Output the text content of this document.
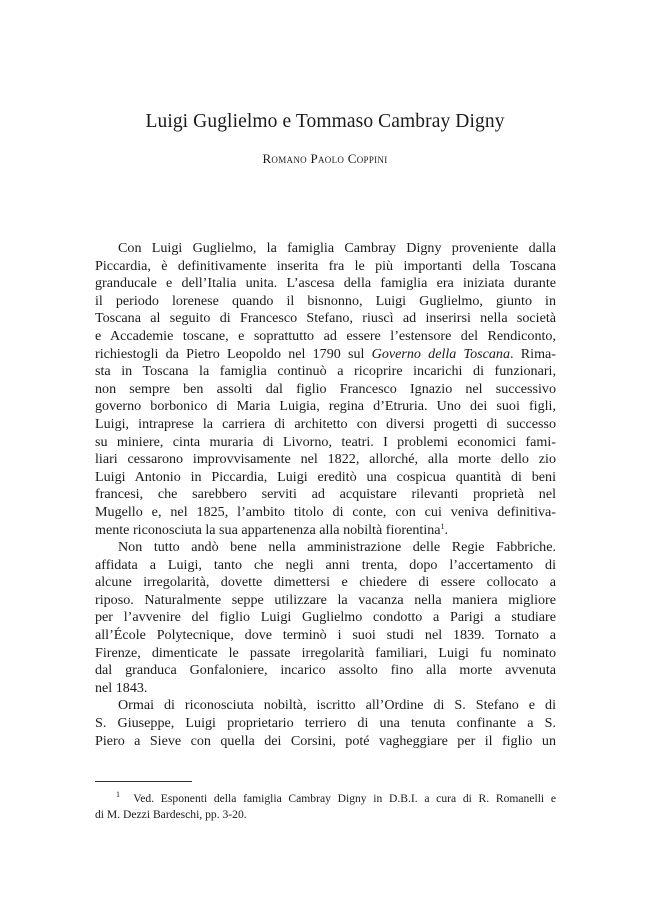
Luigi Guglielmo e Tommaso Cambray Digny
Romano Paolo Coppini
Con Luigi Guglielmo, la famiglia Cambray Digny proveniente dalla
Piccardia, è definitivamente inserita fra le più importanti della Toscana
granducale e dell’Italia unita. L’ascesa della famiglia era iniziata durante
il periodo lorenese quando il bisnonno, Luigi Guglielmo, giunto in
Toscana al seguito di Francesco Stefano, riuscì ad inserirsi nella società
e Accademie toscane, e soprattutto ad essere l’estensore del Rendiconto,
richiestogli da Pietro Leopoldo nel 1790 sul Governo della Toscana. Rima-
sta in Toscana la famiglia continuò a ricoprire incarichi di funzionari,
non sempre ben assolti dal figlio Francesco Ignazio nel successivo
governo borbonico di Maria Luigia, regina d’Etruria. Uno dei suoi figli,
Luigi, intraprese la carriera di architetto con diversi progetti di successo
su miniere, cinta muraria di Livorno, teatri. I problemi economici fami-
liari cessarono improvvisamente nel 1822, allorché, alla morte dello zio
Luigi Antonio in Piccardia, Luigi ereditò una cospicua quantità di beni
francesi, che sarebbero serviti ad acquistare rilevanti proprietà nel
Mugello e, nel 1825, l’ambito titolo di conte, con cui veniva definitiva-
mente riconosciuta la sua appartenenza alla nobiltà fiorentina$^1$.
Non tutto andò bene nella amministrazione delle Regie Fabbriche.
affidata a Luigi, tanto che negli anni trenta, dopo l’accertamento di
alcune irregolarità, dovette dimettersi e chiedere di essere collocato a
riposo. Naturalmente seppe utilizzare la vacanza nella maniera migliore
per l’avvenire del figlio Luigi Guglielmo condotto a Parigi a studiare
all’École Polytecnique, dove terminò i suoi studi nel 1839. Tornato a
Firenze, dimenticate le passate irregolarità familiari, Luigi fu nominato
dal granduca Gonfaloniere, incarico assolto fino alla morte avvenuta
nel 1843.
Ormai di riconosciuta nobiltà, iscritto all’Ordine di S. Stefano e di
S. Giuseppe, Luigi proprietario terriero di una tenuta confinante a S.
Piero a Sieve con quella dei Corsini, poté vagheggiare per il figlio un
$^1$ Ved. Esponenti della famiglia Cambray Digny in D.B.I. a cura di R. Romanelli e
di M. Dezzi Bardeschi, pp. 3-20.
